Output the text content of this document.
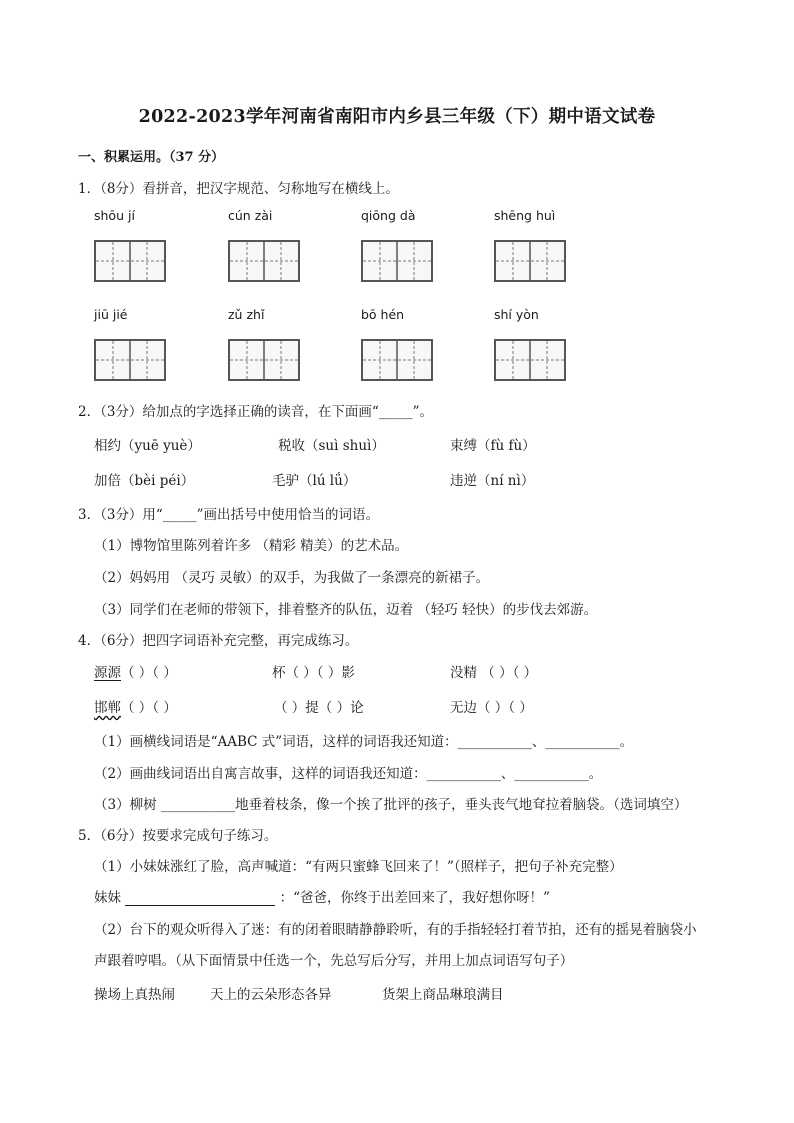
2022-2023学年河南省南阳市内乡县三年级（下）期中语文试卷
一、积累运用。（37 分）
1．（8分）看拼音，把汉字规范、匀称地写在横线上。
shōu jí	cún zài	qiōng dà	shēng huì
jiū jié	zǔ zhǐ	bō hén	shí yòn
2．（3分）给加点的字选择正确的读音，在下面画“_____”。
相约（yuē yuè）	税收（suì shuì）	束缚（fù fù）
加倍（bèi péi）	毛驴（lú lǘ）	违逆（ní nì）
3．（3分）用“_____”画出括号中使用恰当的词语。
（1）博物馆里陈列着许多 （精彩 精美）的艺术品。
（2）妈妈用 （灵巧 灵敏）的双手，为我做了一条漂亮的新裙子。
（3）同学们在老师的带领下，排着整齐的队伍，迈着 （轻巧 轻快）的步伐去郊游。
4．（6分）把四字词语补充完整，再完成练习。
源源（ ）（ ）	杯（ ）（ ）影	没精 （ ）（ ）
邯郸（ ）（ ）	（ ）提（ ）论	无边（ ）（ ）
（1）画横线词语是“AABC 式”词语，这样的词语我还知道：___________、___________。
（2）画曲线词语出自寓言故事，这样的词语我还知道：___________、___________。
（3）柳树 ___________地垂着枝条，像一个挨了批评的孩子，垂头丧气地耷拉着脑袋。（选词填空）
5．（6分）按要求完成句子练习。
（1）小妹妹涨红了脸，高声喊道：“有两只蜜蜂飞回来了！”（照样子，把句子补充完整）
妹妹	：“爸爸，你终于出差回来了，我好想你呀！”
（2）台下的观众听得入了迷：有的闭着眼睛静静聆听，有的手指轻轻打着节拍，还有的摇晃着脑袋小
声跟着哼唱。（从下面情景中任选一个，先总写后分写，并用上加点词语写句子）
操场上真热闹	天上的云朵形态各异	货架上商品琳琅满目
